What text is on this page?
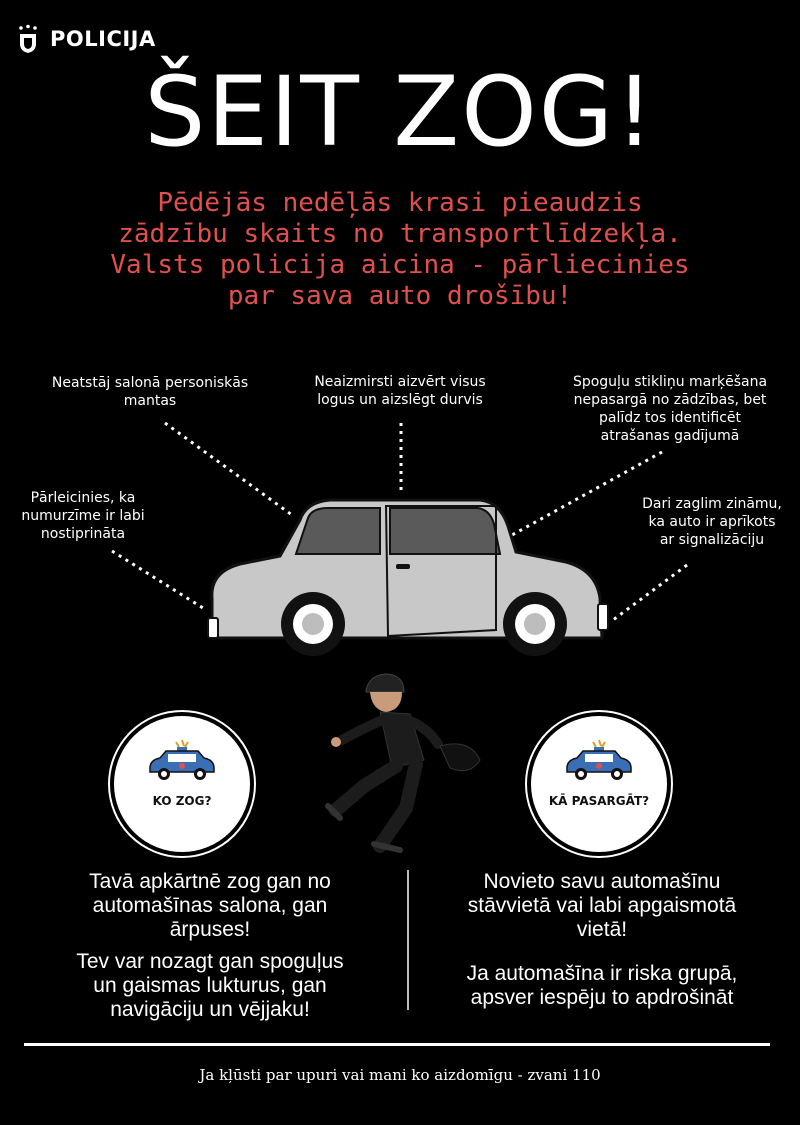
POLICIJA
ŠEIT ZOG!
Pēdējās nedēļās krasi pieaudzis
zādzību skaits no transportlīdzekļa.
Valsts policija aicina - pārliecinies
par sava auto drošību!
Neatstāj salonā personiskās
mantas
Neaizmirsti aizvērt visus
logus un aizslēgt durvis
Spoguļu stikliņu marķēšana
nepasargā no zādzības, bet
palīdz tos identificēt
atrašanas gadījumā
Pārleicinies, ka
numurzīme ir labi
nostiprināta
Dari zaglim zināmu,
ka auto ir aprīkots
ar signalizāciju
KO ZOG?	KĀ PASARGĀT?
Tavā apkārtnē zog gan no
automašīnas salona, gan
ārpuses!
Tev var nozagt gan spoguļus
un gaismas lukturus, gan
navigāciju un vējjaku!
Novieto savu automašīnu
stāvvietā vai labi apgaismotā
vietā!
Ja automašīna ir riska grupā,
apsver iespēju to apdrošināt
Ja kļūsti par upuri vai mani ko aizdomīgu - zvani 110
